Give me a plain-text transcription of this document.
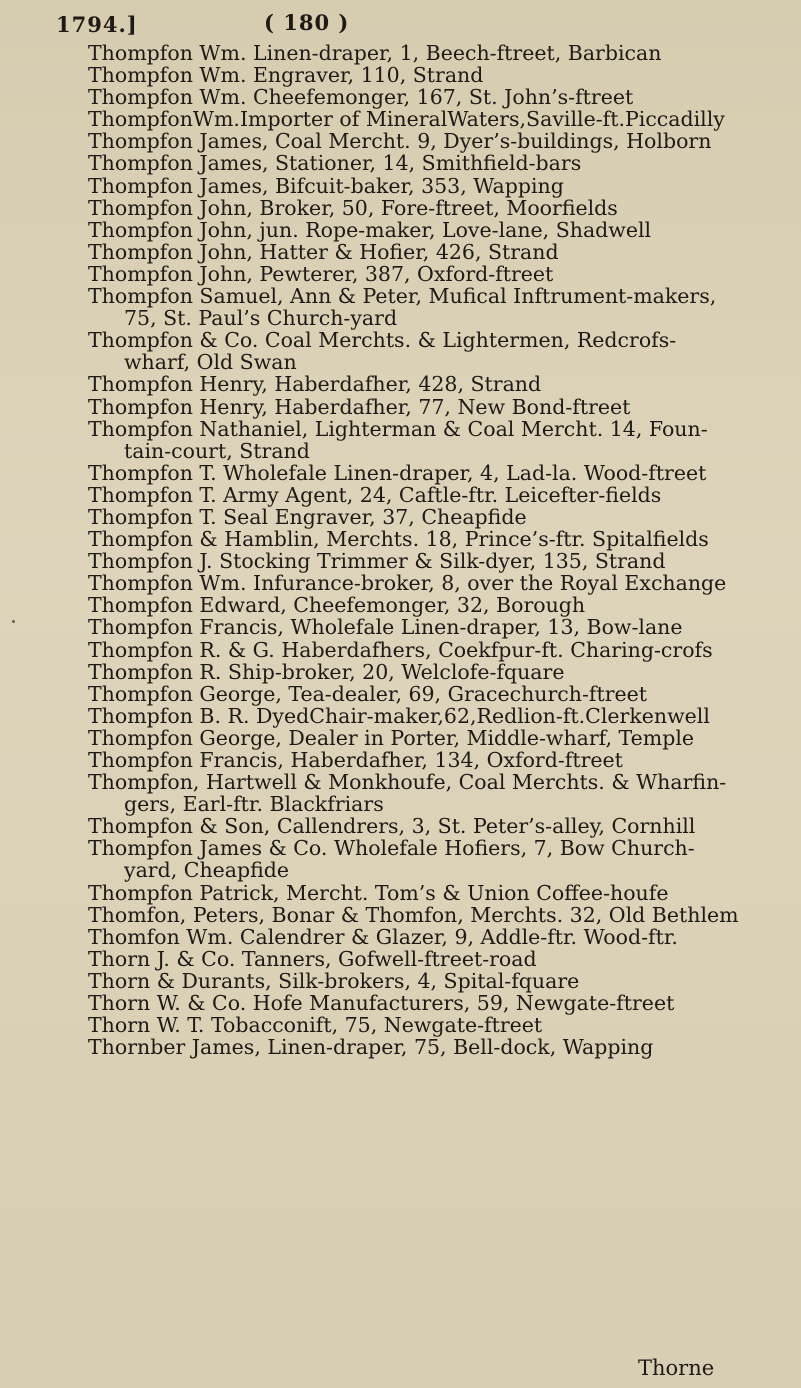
1794.]	( 180 )
Thompfon Wm. Linen-draper, 1, Beech-ftreet, Barbican
Thompfon Wm. Engraver, 110, Strand
Thompfon Wm. Cheefemonger, 167, St. John’s-ftreet
ThompfonWm.Importer of MineralWaters,Saville-ft.Piccadilly
Thompfon James, Coal Mercht. 9, Dyer’s-buildings, Holborn
Thompfon James, Stationer, 14, Smithfield-bars
Thompfon James, Bifcuit-baker, 353, Wapping
Thompfon John, Broker, 50, Fore-ftreet, Moorfields
Thompfon John, jun. Rope-maker, Love-lane, Shadwell
Thompfon John, Hatter & Hofier, 426, Strand
Thompfon John, Pewterer, 387, Oxford-ftreet
Thompfon Samuel, Ann & Peter, Mufical Inftrument-makers,
75, St. Paul’s Church-yard
Thompfon & Co. Coal Merchts. & Lightermen, Redcrofs-
wharf, Old Swan
Thompfon Henry, Haberdafher, 428, Strand
Thompfon Henry, Haberdafher, 77, New Bond-ftreet
Thompfon Nathaniel, Lighterman & Coal Mercht. 14, Foun-
tain-court, Strand
Thompfon T. Wholefale Linen-draper, 4, Lad-la. Wood-ftreet
Thompfon T. Army Agent, 24, Caftle-ftr. Leicefter-fields
Thompfon T. Seal Engraver, 37, Cheapfide
Thompfon & Hamblin, Merchts. 18, Prince’s-ftr. Spitalfields
Thompfon J. Stocking Trimmer & Silk-dyer, 135, Strand
Thompfon Wm. Infurance-broker, 8, over the Royal Exchange
Thompfon Edward, Cheefemonger, 32, Borough
Thompfon Francis, Wholefale Linen-draper, 13, Bow-lane
Thompfon R. & G. Haberdafhers, Coekfpur-ft. Charing-crofs
Thompfon R. Ship-broker, 20, Welclofe-fquare
Thompfon George, Tea-dealer, 69, Gracechurch-ftreet
Thompfon B. R. DyedChair-maker,62,Redlion-ft.Clerkenwell
Thompfon George, Dealer in Porter, Middle-wharf, Temple
Thompfon Francis, Haberdafher, 134, Oxford-ftreet
Thompfon, Hartwell & Monkhoufe, Coal Merchts. & Wharfin-
gers, Earl-ftr. Blackfriars
Thompfon & Son, Callendrers, 3, St. Peter’s-alley, Cornhill
Thompfon James & Co. Wholefale Hofiers, 7, Bow Church-
yard, Cheapfide
Thompfon Patrick, Mercht. Tom’s & Union Coffee-houfe
Thomfon, Peters, Bonar & Thomfon, Merchts. 32, Old Bethlem
Thomfon Wm. Calendrer & Glazer, 9, Addle-ftr. Wood-ftr.
Thorn J. & Co. Tanners, Gofwell-ftreet-road
Thorn & Durants, Silk-brokers, 4, Spital-fquare
Thorn W. & Co. Hofe Manufacturers, 59, Newgate-ftreet
Thorn W. T. Tobacconift, 75, Newgate-ftreet
Thornber James, Linen-draper, 75, Bell-dock, Wapping
Thorne
